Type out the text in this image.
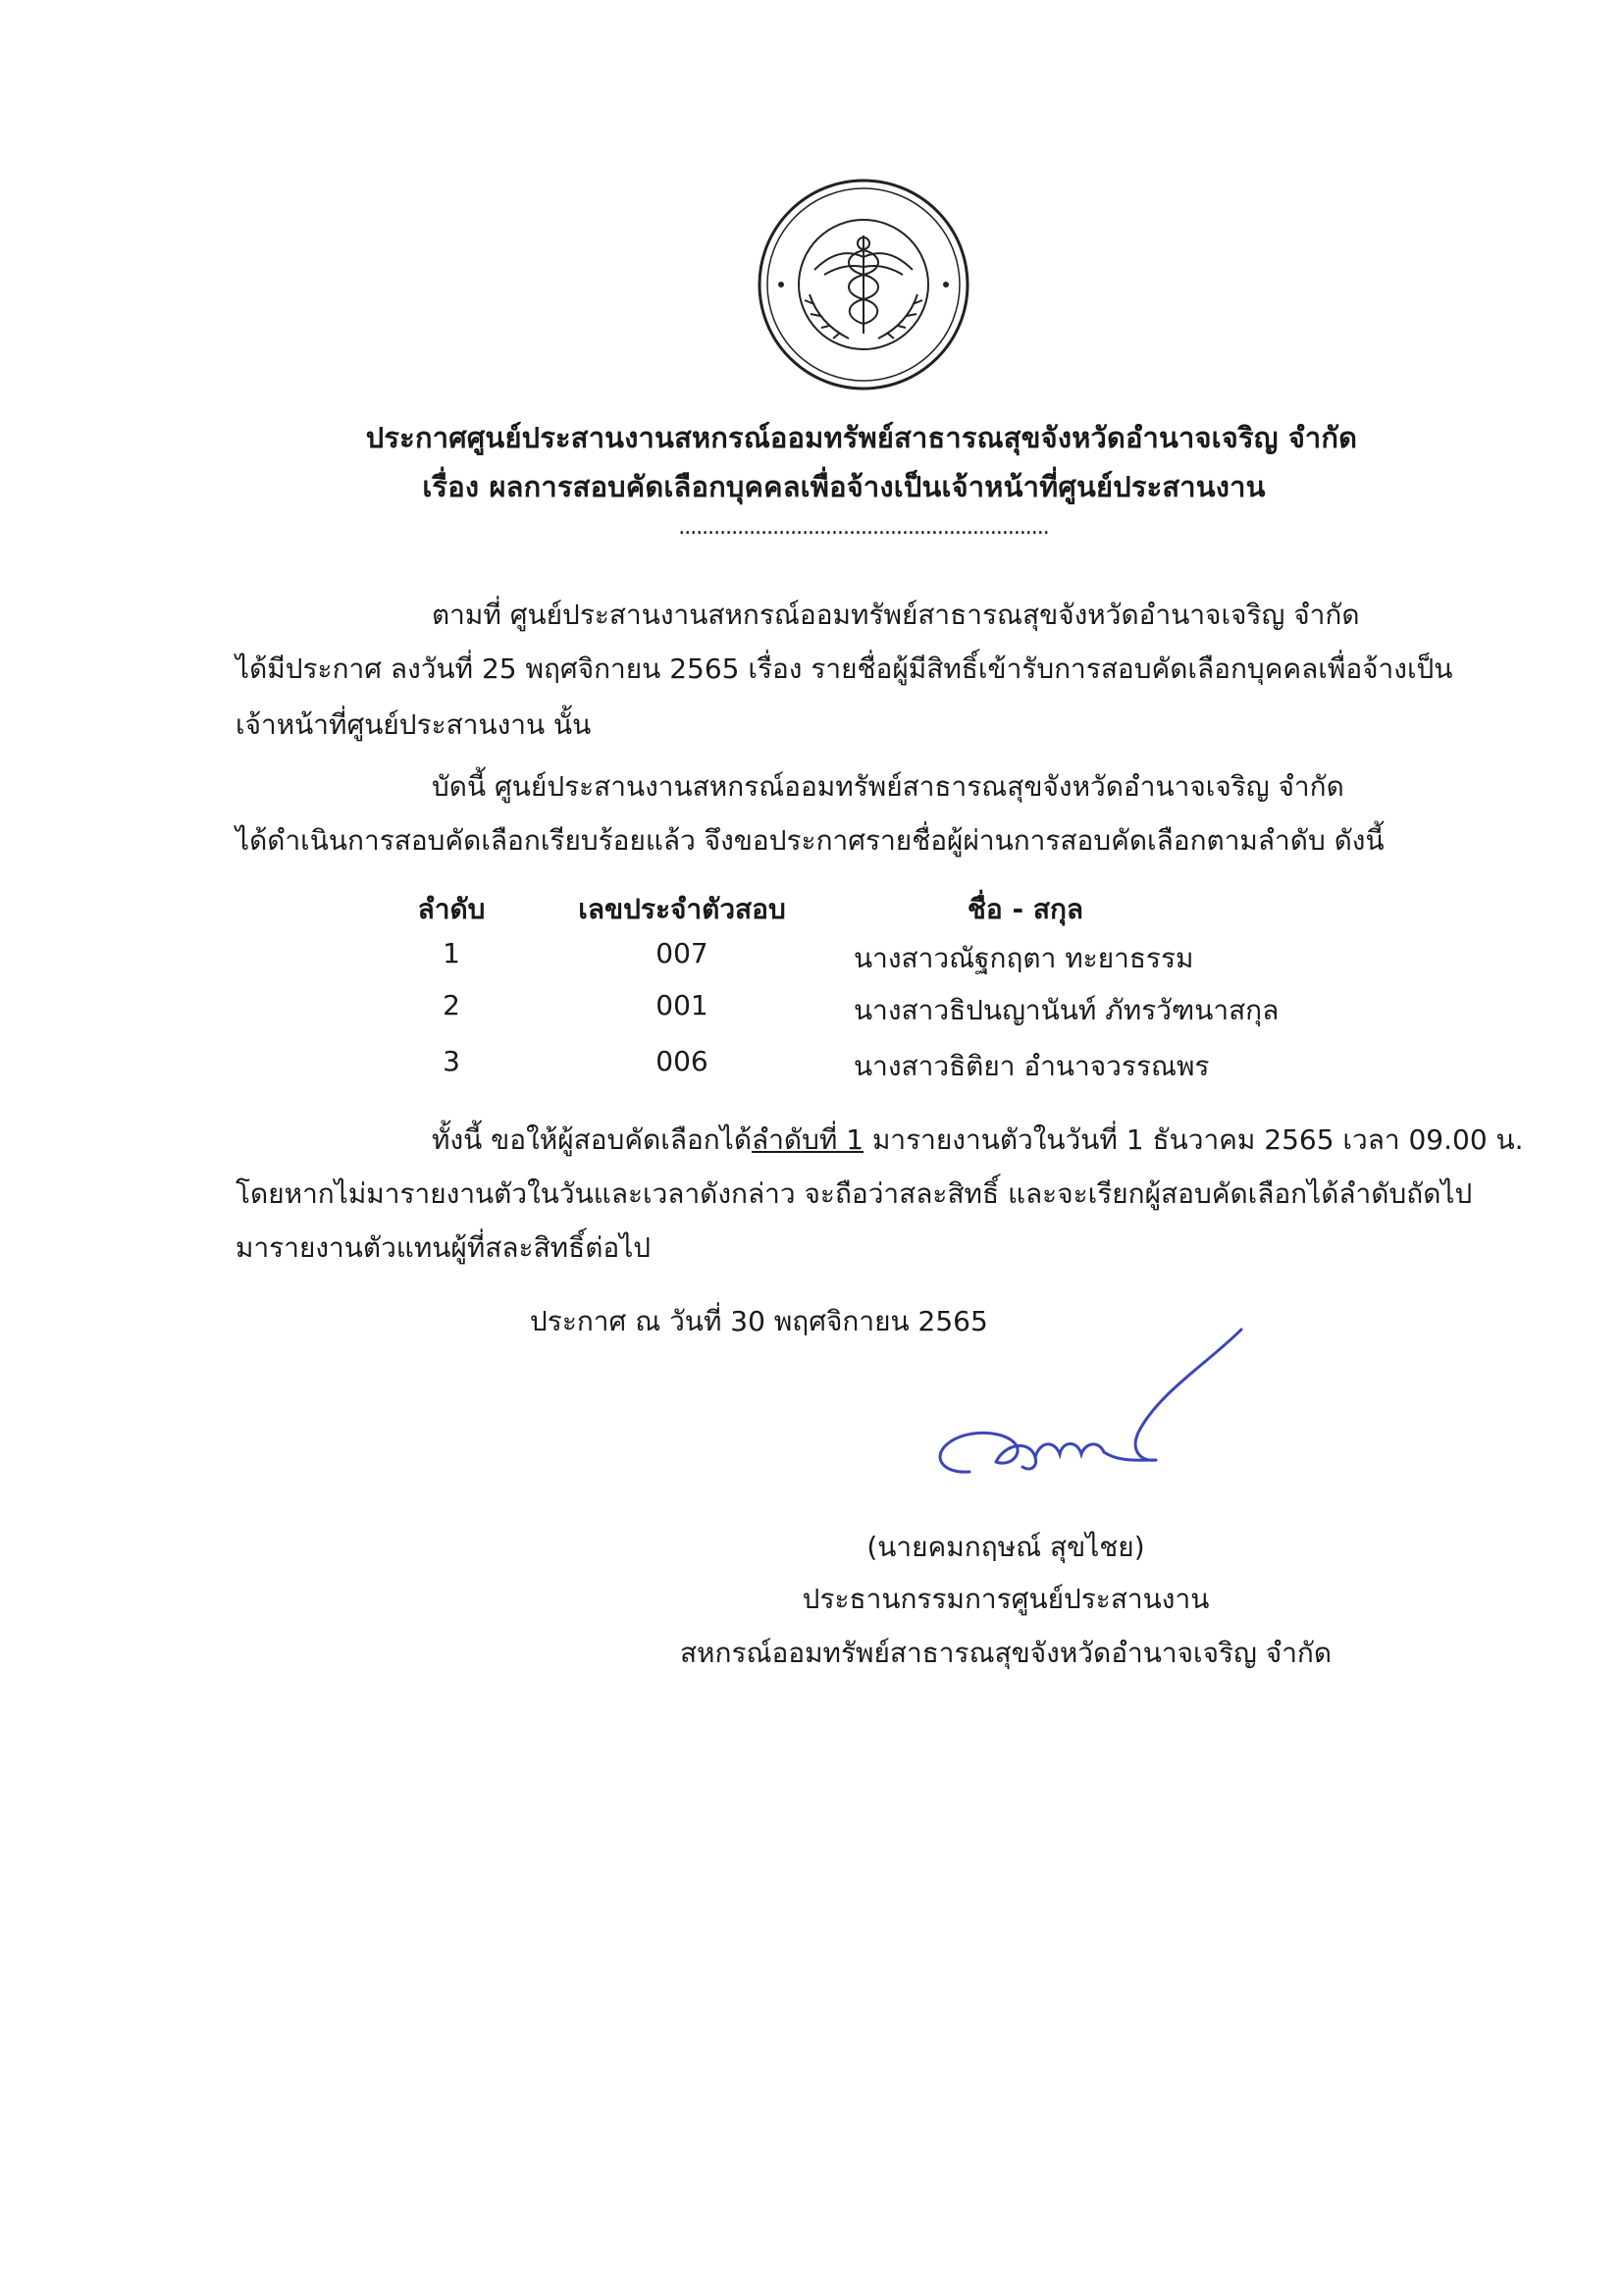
ประกาศศูนย์ประสานงานสหกรณ์ออมทรัพย์สาธารณสุขจังหวัดอำนาจเจริญ จำกัด
เรื่อง ผลการสอบคัดเลือกบุคคลเพื่อจ้างเป็นเจ้าหน้าที่ศูนย์ประสานงาน
...............................................................
ตามที่ ศูนย์ประสานงานสหกรณ์ออมทรัพย์สาธารณสุขจังหวัดอำนาจเจริญ จำกัด
ได้มีประกาศ ลงวันที่ 25 พฤศจิกายน 2565 เรื่อง รายชื่อผู้มีสิทธิ์เข้ารับการสอบคัดเลือกบุคคลเพื่อจ้างเป็น
เจ้าหน้าที่ศูนย์ประสานงาน นั้น
บัดนี้ ศูนย์ประสานงานสหกรณ์ออมทรัพย์สาธารณสุขจังหวัดอำนาจเจริญ จำกัด
ได้ดำเนินการสอบคัดเลือกเรียบร้อยแล้ว จึงขอประกาศรายชื่อผู้ผ่านการสอบคัดเลือกตามลำดับ ดังนี้
ลำดับ	เลขประจำตัวสอบ	ชื่อ - สกุล
1	007	นางสาวณัฐกฤตา ทะยาธรรม
2	001	นางสาวธิปนญานันท์ ภัทรวัฑนาสกุล
3	006	นางสาวธิติยา อำนาจวรรณพร
ทั้งนี้ ขอให้ผู้สอบคัดเลือกได้ลำดับที่ 1 มารายงานตัวในวันที่ 1 ธันวาคม 2565 เวลา 09.00 น.
โดยหากไม่มารายงานตัวในวันและเวลาดังกล่าว จะถือว่าสละสิทธิ์ และจะเรียกผู้สอบคัดเลือกได้ลำดับถัดไป
มารายงานตัวแทนผู้ที่สละสิทธิ์ต่อไป
ประกาศ ณ วันที่ 30 พฤศจิกายน 2565
(นายคมกฤษณ์ สุขไชย)
ประธานกรรมการศูนย์ประสานงาน
สหกรณ์ออมทรัพย์สาธารณสุขจังหวัดอำนาจเจริญ จำกัด
